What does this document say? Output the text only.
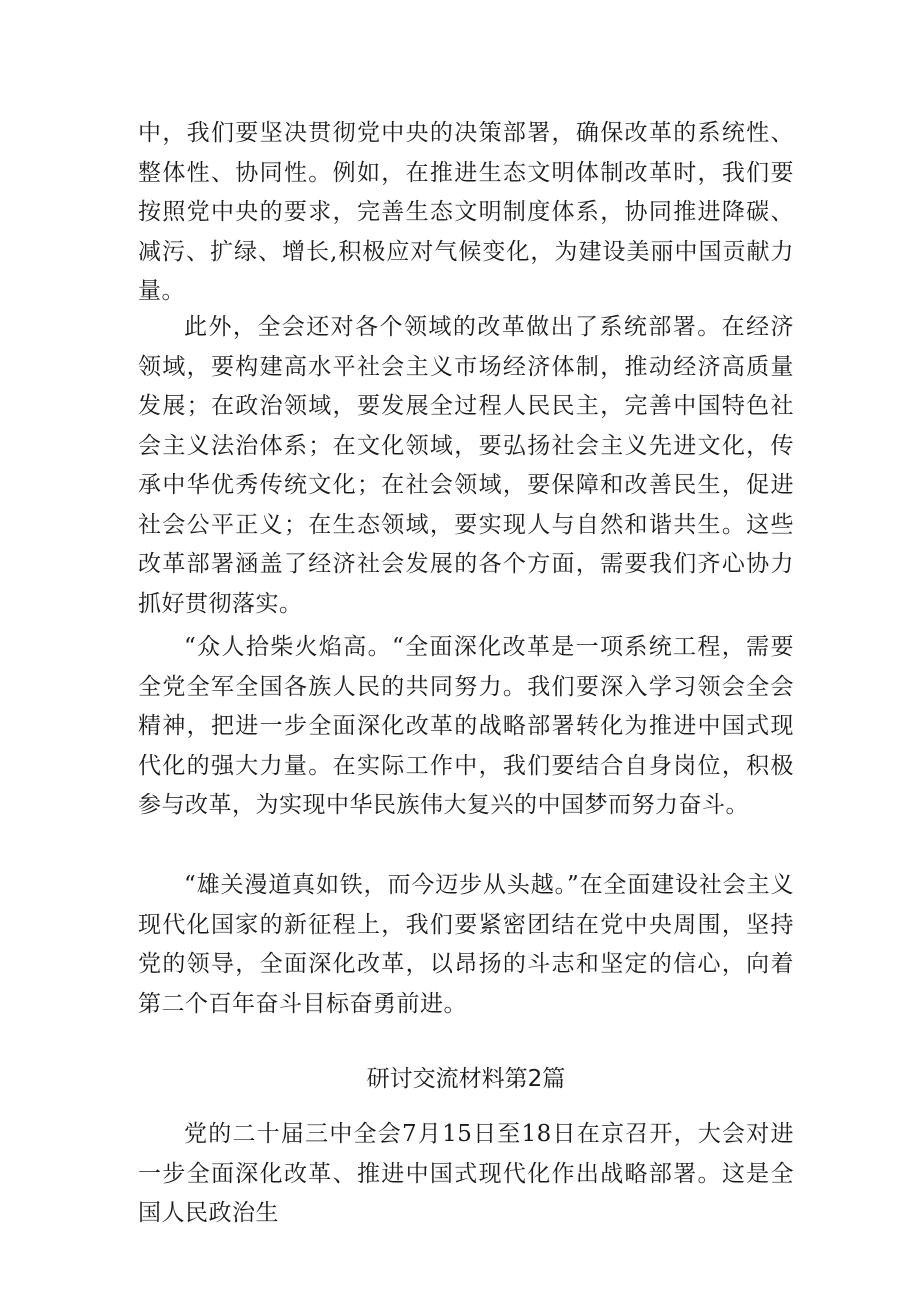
中，我们要坚决贯彻党中央的决策部署，确保改革的系统性、整体性、协同性。例如，在推进生态文明体制改革时，我们要按照党中央的要求，完善生态文明制度体系，协同推进降碳、减污、扩绿、增长,积极应对气候变化，为建设美丽中国贡献力量。

此外，全会还对各个领域的改革做出了系统部署。在经济领域，要构建高水平社会主义市场经济体制，推动经济高质量发展；在政治领域，要发展全过程人民民主，完善中国特色社会主义法治体系；在文化领域，要弘扬社会主义先进文化，传承中华优秀传统文化；在社会领域，要保障和改善民生，促进社会公平正义；在生态领域，要实现人与自然和谐共生。这些改革部署涵盖了经济社会发展的各个方面，需要我们齐心协力抓好贯彻落实。

“众人拾柴火焰高。“全面深化改革是一项系统工程，需要全党全军全国各族人民的共同努力。我们要深入学习领会全会精神，把进一步全面深化改革的战略部署转化为推进中国式现代化的强大力量。在实际工作中，我们要结合自身岗位，积极参与改革，为实现中华民族伟大复兴的中国梦而努力奋斗。

“雄关漫道真如铁，而今迈步从头越。”在全面建设社会主义现代化国家的新征程上，我们要紧密团结在党中央周围，坚持党的领导，全面深化改革，以昂扬的斗志和坚定的信心，向着第二个百年奋斗目标奋勇前进。

研讨交流材料第2篇

党的二十届三中全会7月15日至18日在京召开，大会对进一步全面深化改革、推进中国式现代化作出战略部署。这是全国人民政治生
